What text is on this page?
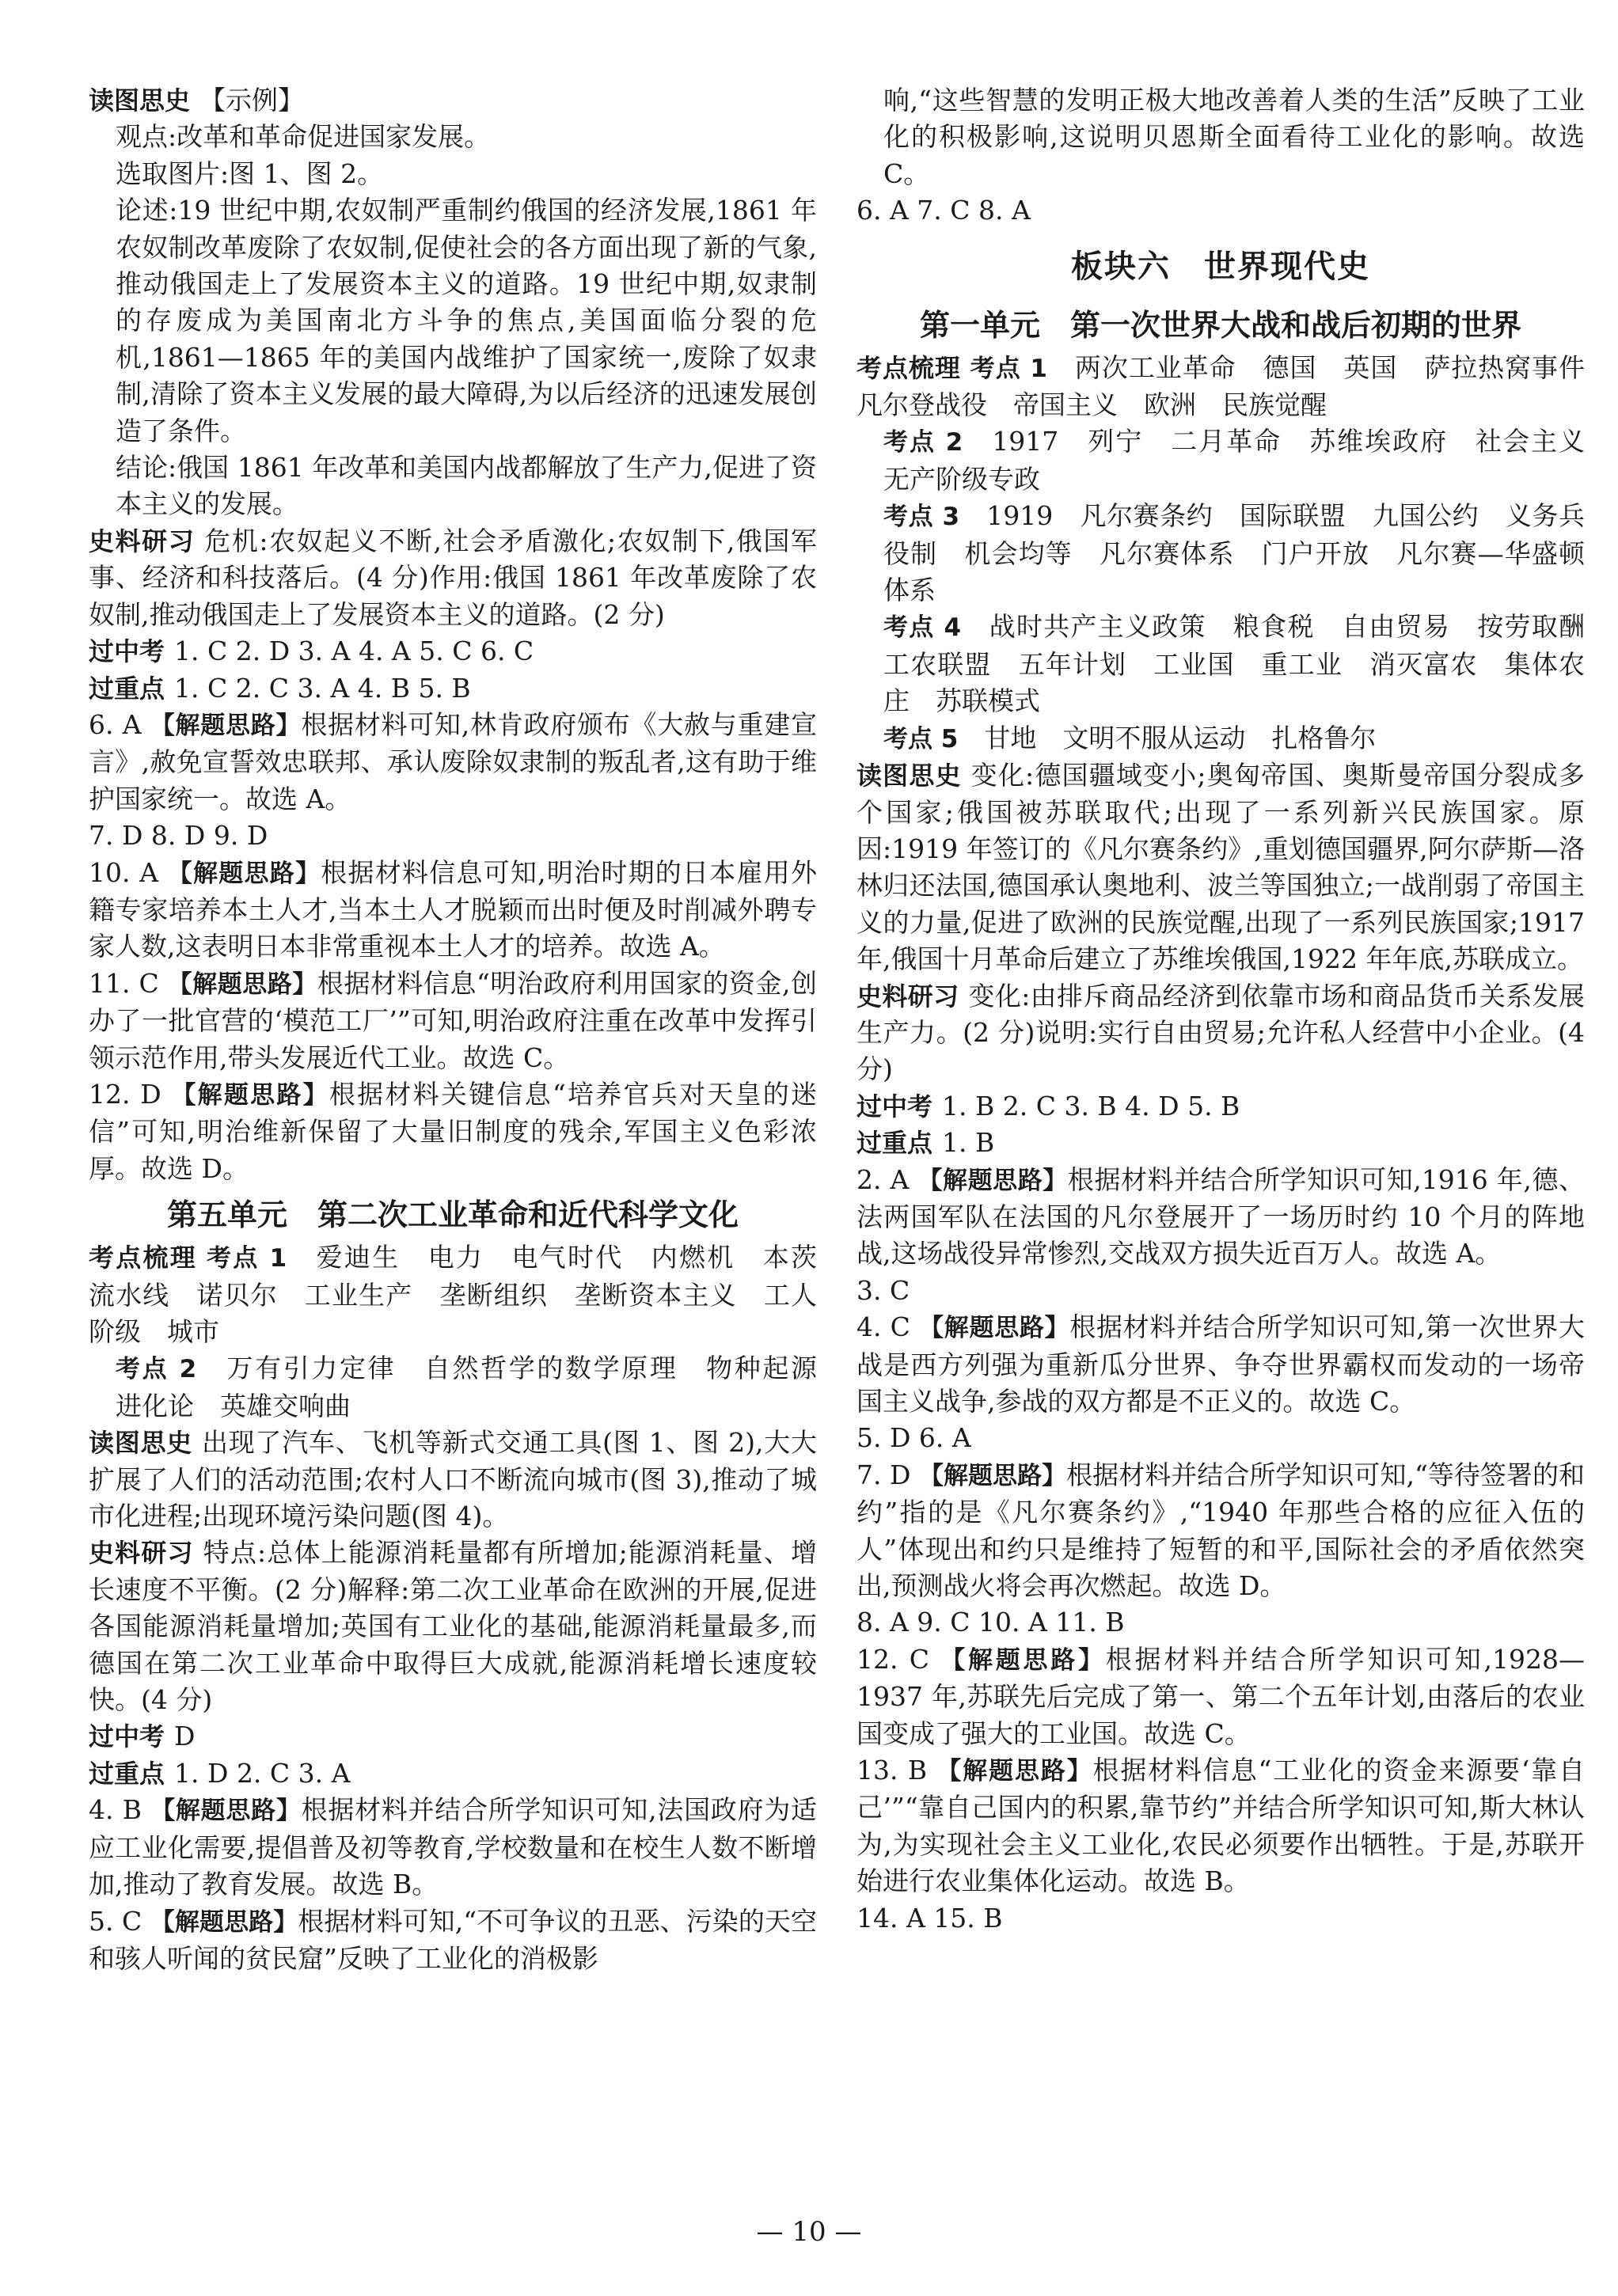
读图思史 【示例】

观点:改革和革命促进国家发展。

选取图片:图 1、图 2。

论述:19 世纪中期,农奴制严重制约俄国的经济发展,1861 年农奴制改革废除了农奴制,促使社会的各方面出现了新的气象,推动俄国走上了发展资本主义的道路。19 世纪中期,奴隶制的存废成为美国南北方斗争的焦点,美国面临分裂的危机,1861—1865 年的美国内战维护了国家统一,废除了奴隶制,清除了资本主义发展的最大障碍,为以后经济的迅速发展创造了条件。

结论:俄国 1861 年改革和美国内战都解放了生产力,促进了资本主义的发展。

史料研习 危机:农奴起义不断,社会矛盾激化;农奴制下,俄国军事、经济和科技落后。(4 分)作用:俄国 1861 年改革废除了农奴制,推动俄国走上了发展资本主义的道路。(2 分)

过中考 1. C 2. D 3. A 4. A 5. C 6. C

过重点 1. C 2. C 3. A 4. B 5. B

6. A 【解题思路】根据材料可知,林肯政府颁布《大赦与重建宣言》,赦免宣誓效忠联邦、承认废除奴隶制的叛乱者,这有助于维护国家统一。故选 A。

7. D 8. D 9. D

10. A 【解题思路】根据材料信息可知,明治时期的日本雇用外籍专家培养本土人才,当本土人才脱颖而出时便及时削减外聘专家人数,这表明日本非常重视本土人才的培养。故选 A。

11. C 【解题思路】根据材料信息“明治政府利用国家的资金,创办了一批官营的‘模范工厂’”可知,明治政府注重在改革中发挥引领示范作用,带头发展近代工业。故选 C。

12. D 【解题思路】根据材料关键信息“培养官兵对天皇的迷信”可知,明治维新保留了大量旧制度的残余,军国主义色彩浓厚。故选 D。

第五单元　第二次工业革命和近代科学文化

考点梳理 考点 1　 爱迪生　电力　电气时代　内燃机　本茨　流水线　诺贝尔　工业生产　垄断组织　垄断资本主义　工人阶级　城市

考点 2　 万有引力定律　自然哲学的数学原理　物种起源　进化论　英雄交响曲

读图思史 出现了汽车、飞机等新式交通工具(图 1、图 2),大大扩展了人们的活动范围;农村人口不断流向城市(图 3),推动了城市化进程;出现环境污染问题(图 4)。

史料研习 特点:总体上能源消耗量都有所增加;能源消耗量、增长速度不平衡。(2 分)解释:第二次工业革命在欧洲的开展,促进各国能源消耗量增加;英国有工业化的基础,能源消耗量最多,而德国在第二次工业革命中取得巨大成就,能源消耗增长速度较快。(4 分)

过中考 D

过重点 1. D 2. C 3. A

4. B 【解题思路】根据材料并结合所学知识可知,法国政府为适应工业化需要,提倡普及初等教育,学校数量和在校生人数不断增加,推动了教育发展。故选 B。

5. C 【解题思路】根据材料可知,“不可争议的丑恶、污染的天空和骇人听闻的贫民窟”反映了工业化的消极影

响,“这些智慧的发明正极大地改善着人类的生活”反映了工业化的积极影响,这说明贝恩斯全面看待工业化的影响。故选 C。

6. A 7. C 8. A

板块六　世界现代史
第一单元　第一次世界大战和战后初期的世界

考点梳理 考点 1　 两次工业革命　德国　英国　萨拉热窝事件　凡尔登战役　帝国主义　欧洲　民族觉醒

考点 2　 1917　列宁　二月革命　苏维埃政府　社会主义　无产阶级专政

考点 3　 1919　凡尔赛条约　国际联盟　九国公约　义务兵役制　机会均等　凡尔赛体系　门户开放　凡尔赛—华盛顿体系

考点 4　 战时共产主义政策　粮食税　自由贸易　按劳取酬　工农联盟　五年计划　工业国　重工业　消灭富农　集体农庄　苏联模式

考点 5　 甘地　文明不服从运动　扎格鲁尔

读图思史 变化:德国疆域变小;奥匈帝国、奥斯曼帝国分裂成多个国家;俄国被苏联取代;出现了一系列新兴民族国家。原因:1919 年签订的《凡尔赛条约》,重划德国疆界,阿尔萨斯—洛林归还法国,德国承认奥地利、波兰等国独立;一战削弱了帝国主义的力量,促进了欧洲的民族觉醒,出现了一系列民族国家;1917 年,俄国十月革命后建立了苏维埃俄国,1922 年年底,苏联成立。

史料研习 变化:由排斥商品经济到依靠市场和商品货币关系发展生产力。(2 分)说明:实行自由贸易;允许私人经营中小企业。(4 分)

过中考 1. B 2. C 3. B 4. D 5. B

过重点 1. B

2. A 【解题思路】根据材料并结合所学知识可知,1916 年,德、法两国军队在法国的凡尔登展开了一场历时约 10 个月的阵地战,这场战役异常惨烈,交战双方损失近百万人。故选 A。

3. C

4. C 【解题思路】根据材料并结合所学知识可知,第一次世界大战是西方列强为重新瓜分世界、争夺世界霸权而发动的一场帝国主义战争,参战的双方都是不正义的。故选 C。

5. D 6. A

7. D 【解题思路】根据材料并结合所学知识可知,“等待签署的和约”指的是《凡尔赛条约》,“1940 年那些合格的应征入伍的人”体现出和约只是维持了短暂的和平,国际社会的矛盾依然突出,预测战火将会再次燃起。故选 D。

8. A 9. C 10. A 11. B

12. C 【解题思路】根据材料并结合所学知识可知,1928—1937 年,苏联先后完成了第一、第二个五年计划,由落后的农业国变成了强大的工业国。故选 C。

13. B 【解题思路】根据材料信息“工业化的资金来源要‘靠自己’”“靠自己国内的积累,靠节约”并结合所学知识可知,斯大林认为,为实现社会主义工业化,农民必须要作出牺牲。于是,苏联开始进行农业集体化运动。故选 B。

14. A 15. B

— 10 —
